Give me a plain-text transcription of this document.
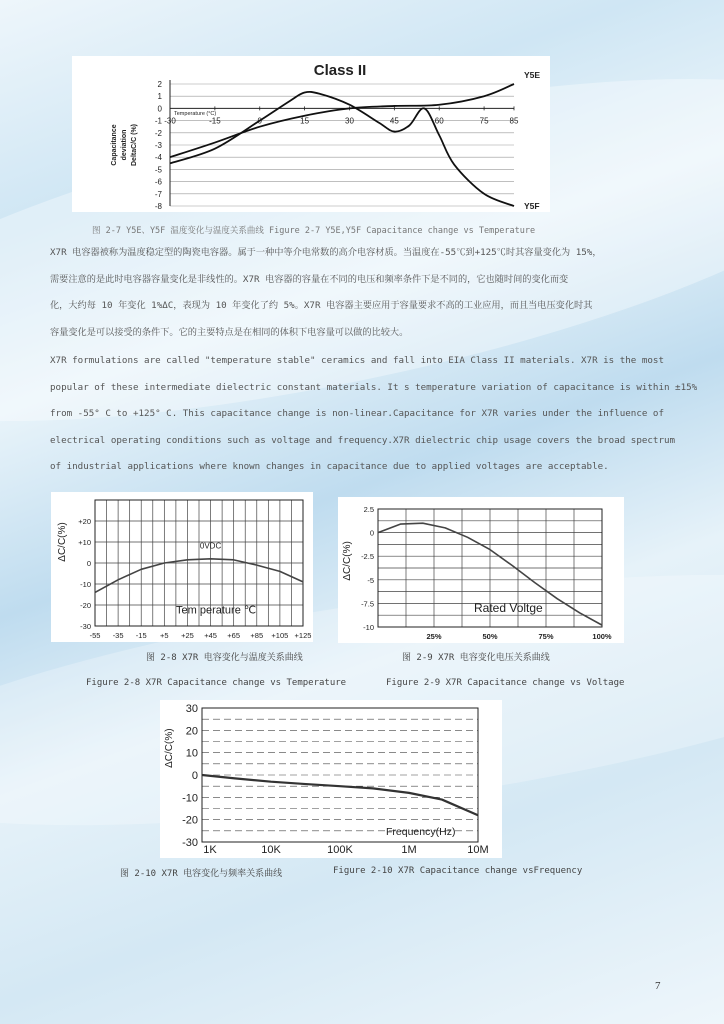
Class II
2
1
0
-1
-2
-3
-4
-5
-6
-7
-8
-30	-15	0	15	30	45	60	75	85
Temperature (°C)
Capacitance deviation DeltaC/C (%)
Y5E
Y5F
图 2-7 Y5E、Y5F 温度变化与温度关系曲线 Figure 2-7 Y5E,Y5F Capacitance change vs Temperature
X7R 电容器被称为温度稳定型的陶瓷电容器。属于一种中等介电常数的高介电容材质。当温度在-55℃到+125℃时其容量变化为 15%，
需要注意的是此时电容器容量变化是非线性的。X7R 电容器的容量在不同的电压和频率条件下是不同的，它也随时间的变化而变
化，大约每 10 年变化 1%ΔC，表现为 10 年变化了约 5%。X7R 电容器主要应用于容量要求不高的工业应用，而且当电压变化时其
容量变化是可以接受的条件下。它的主要特点是在相同的体积下电容量可以做的比较大。
X7R formulations are called "temperature stable" ceramics and fall into EIA Class II materials. X7R is the most
popular of these intermediate dielectric constant materials. It s temperature variation of capacitance is within ±15%
from -55° C to +125° C. This capacitance change is non-linear.Capacitance for X7R varies under the influence of
electrical operating conditions such as voltage and frequency.X7R dielectric chip usage covers the broad spectrum
of industrial applications where known changes in capacitance due to applied voltages are acceptable.
+20
+10
0
-10
-20
-30
-55 -35 -15 +5 +25 +45 +65 +85 +105 +125
ΔC/C(%)	0VDC
Tem perature ℃
2.5
0
-2.5
-5
-7.5
-10
25%	50%	75%	100%
ΔC/C(%)
Rated Voltge
图 2-8 X7R 电容变化与温度关系曲线	图 2-9 X7R 电容变化电压关系曲线
Figure 2-8 X7R Capacitance change vs Temperature	Figure 2-9 X7R Capacitance change vs Voltage
30
20
10
0
-10
-20
-30
1K	10K	100K	1M	10M
ΔC/C(%)
Frequency(Hz)
图 2-10 X7R 电容变化与频率关系曲线	Figure 2-10 X7R Capacitance change vsFrequency
7
